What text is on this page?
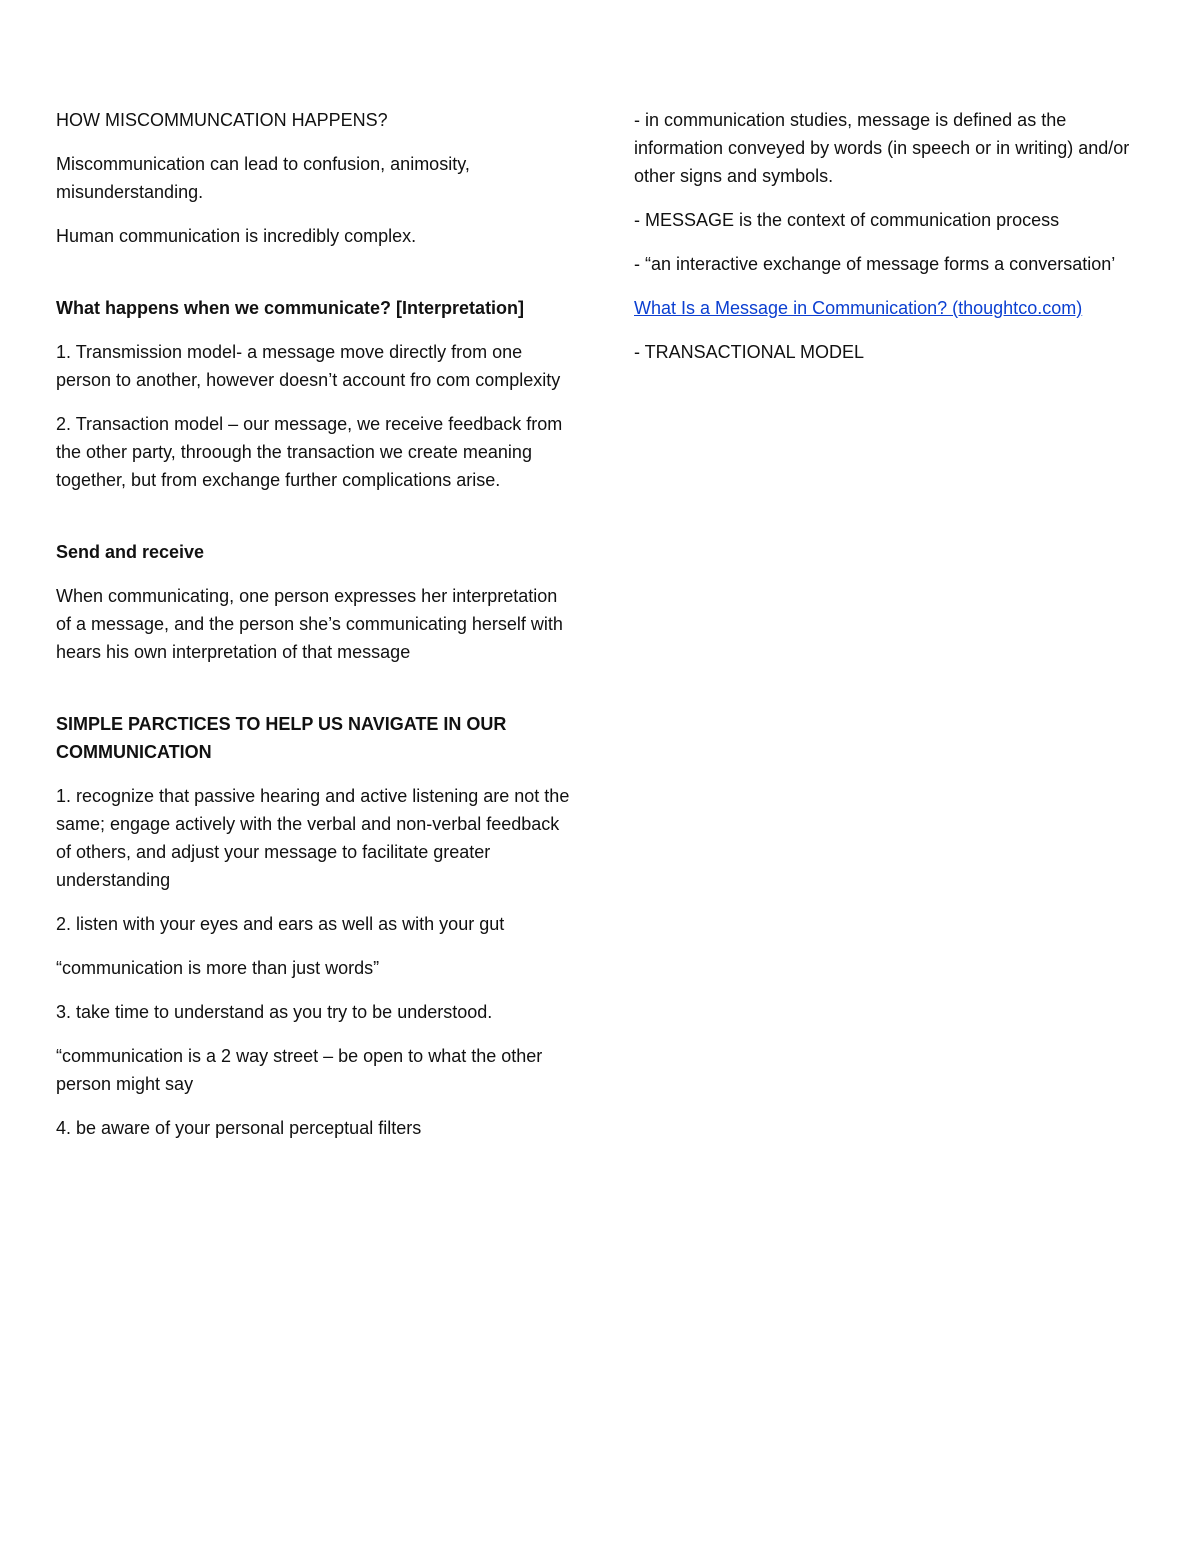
HOW MISCOMMUNCATION HAPPENS?

Miscommunication can lead to confusion, animosity, misunderstanding.

Human communication is incredibly complex.

What happens when we communicate? [Interpretation]

1. Transmission model- a message move directly from one person to another, however doesn’t account fro com complexity

2. Transaction model – our message, we receive feedback from the other party, throough the transaction we create meaning together, but from exchange further complications arise.

Send and receive

When communicating, one person expresses her interpretation of a message, and the person she’s communicating herself with hears his own interpretation of that message

SIMPLE PARCTICES TO HELP US NAVIGATE IN OUR COMMUNICATION

1. recognize that passive hearing and active listening are not the same; engage actively with the verbal and non-verbal feedback of others, and adjust your message to facilitate greater understanding

2. listen with your eyes and ears as well as with your gut

“communication is more than just words”

3. take time to understand as you try to be understood.

“communication is a 2 way street – be open to what the other person might say

4. be aware of your personal perceptual filters

- in communication studies, message is defined as the information conveyed by words (in speech or in writing) and/or other signs and symbols.

- MESSAGE is the context of communication process

- “an interactive exchange of message forms a conversation’

What Is a Message in Communication? (thoughtco.com)

- TRANSACTIONAL MODEL
